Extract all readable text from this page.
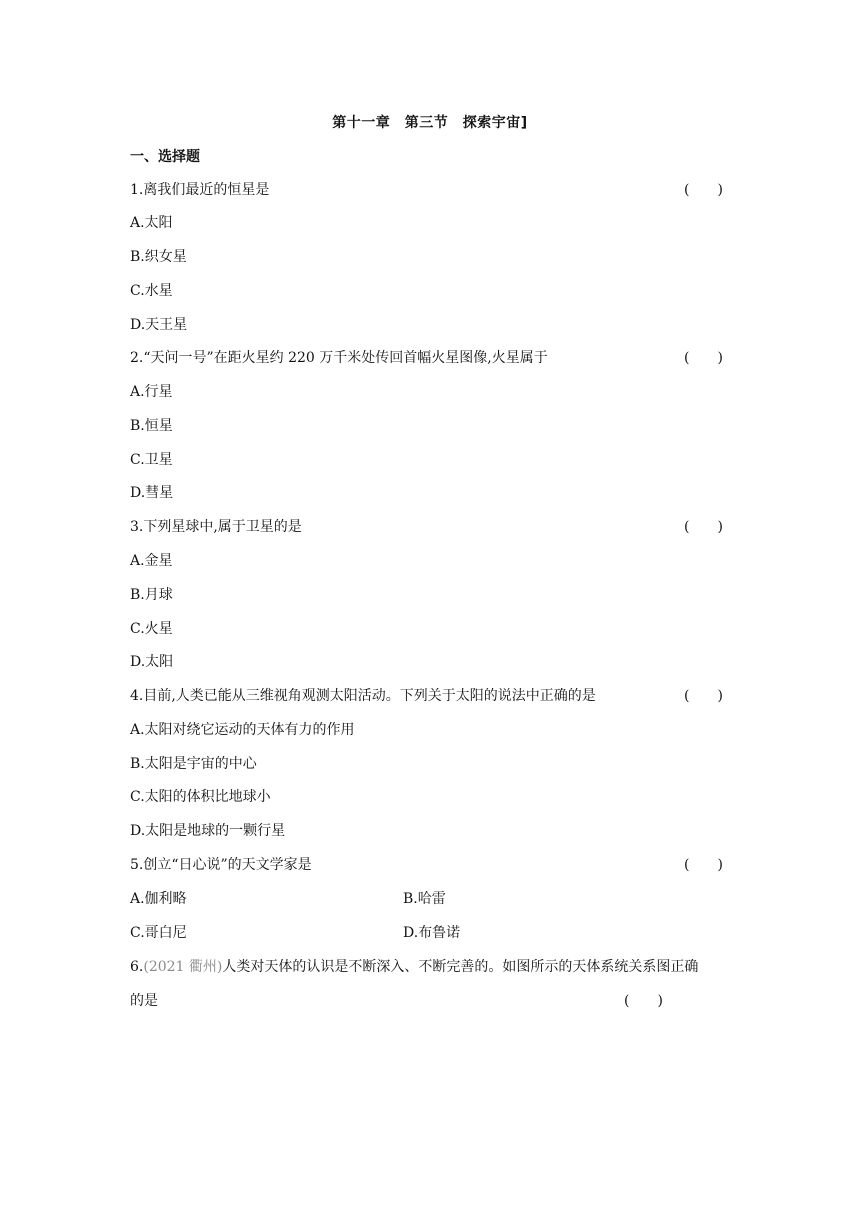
第十一章　第三节　探索宇宙]
一、选择题
1.离我们最近的恒星是	(　　)
A.太阳
B.织女星
C.水星
D.天王星
2.“天问一号”在距火星约 220 万千米处传回首幅火星图像,火星属于	(　　)
A.行星
B.恒星
C.卫星
D.彗星
3.下列星球中,属于卫星的是	(　　)
A.金星
B.月球
C.火星
D.太阳
4.目前,人类已能从三维视角观测太阳活动。下列关于太阳的说法中正确的是	(　　)
A.太阳对绕它运动的天体有力的作用
B.太阳是宇宙的中心
C.太阳的体积比地球小
D.太阳是地球的一颗行星
5.创立“日心说”的天文学家是	(　　)
A.伽利略	B.哈雷
C.哥白尼	D.布鲁诺
6.(2021 衢州)人类对天体的认识是不断深入、不断完善的。如图所示的天体系统关系图正确
的是	(　　)
